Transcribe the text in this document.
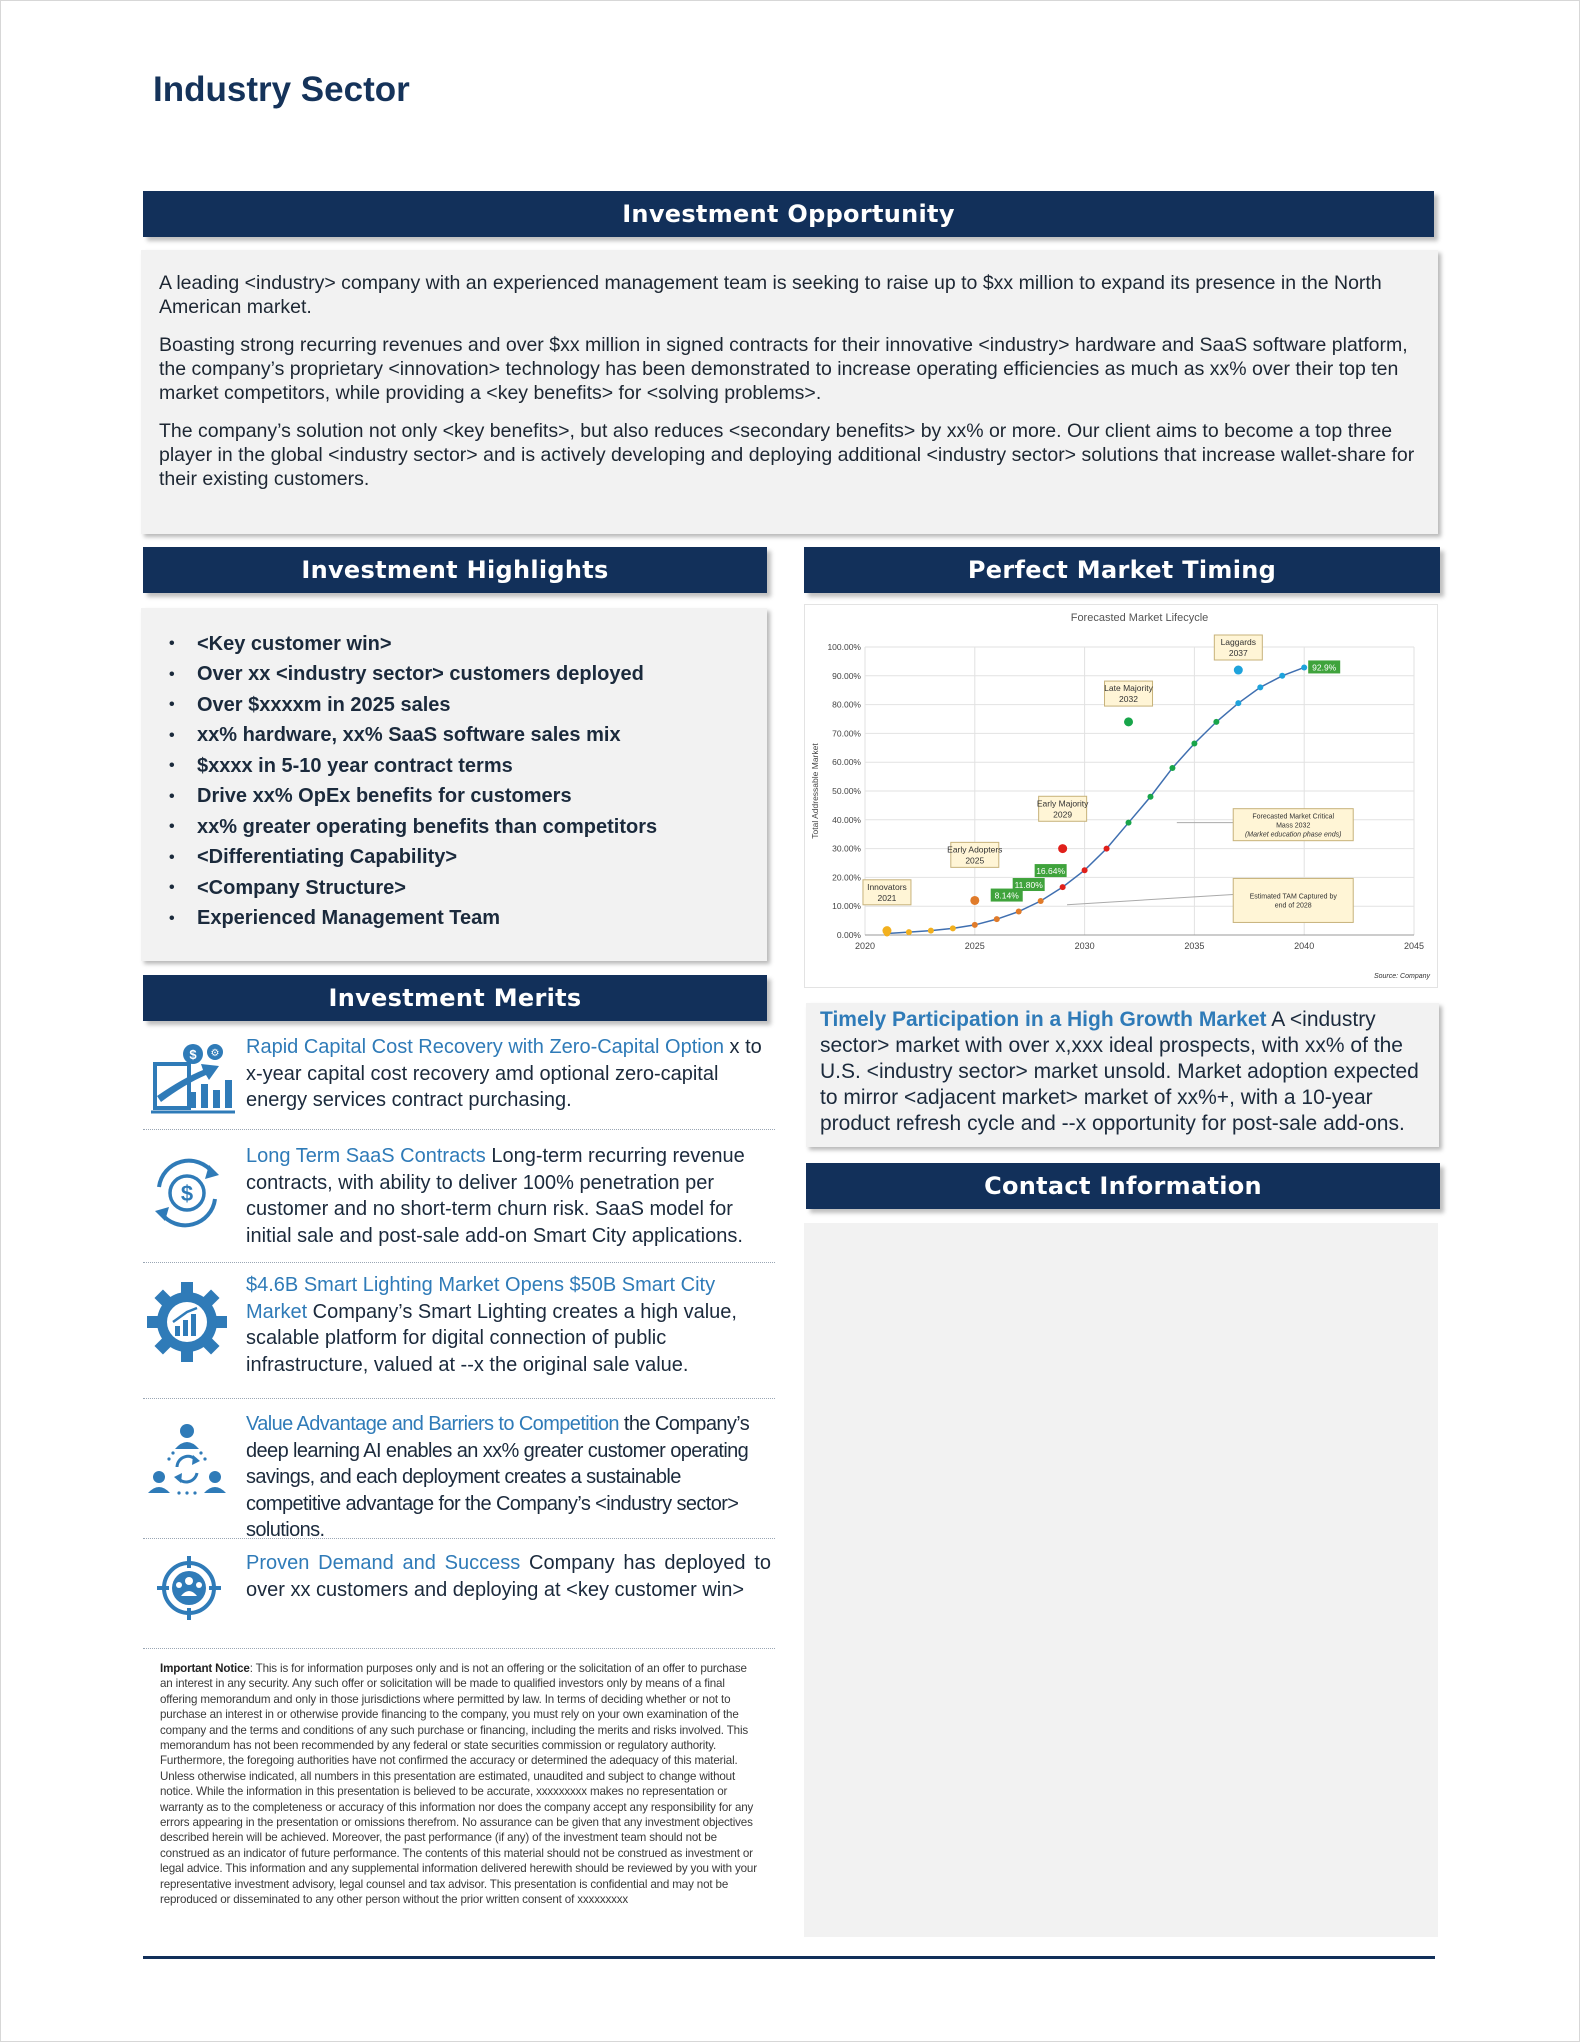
Industry Sector
Investment Opportunity

A leading <industry> company with an experienced management team is seeking to raise up to $xx million to expand its presence in the North American market.

Boasting strong recurring revenues and over $xx million in signed contracts for their innovative <industry> hardware and SaaS software platform, the company’s proprietary <innovation> technology has been demonstrated to increase operating efficiencies as much as xx% over their top ten market competitors, while providing a <key benefits> for <solving problems>.

The company’s solution not only <key benefits>, but also reduces <secondary benefits> by xx% or more. Our client aims to become a top three player in the global <industry sector> and is actively developing and deploying additional <industry sector> solutions that increase wallet-share for their existing customers.

Investment Highlights
•	<Key customer win>
•	Over xx <industry sector> customers deployed
•	Over $xxxxm in 2025 sales
•	xx% hardware, xx% SaaS software sales mix
•	$xxxx in 5-10 year contract terms
•	Drive xx% OpEx benefits for customers
•	xx% greater operating benefits than competitors
•	<Differentiating Capability>
•	<Company Structure>
•	Experienced Management Team
Perfect Market Timing
Forecasted Market Lifecycle
0.00%
10.00%
20.00%
30.00%
40.00%
50.00%
60.00%
70.00%
80.00%
90.00%
100.00%
2020	2025	2030	2035	2040	2045
Total Addressable Market
8.14%
11.80%
16.64%
92.9%
Innovators
2021
Early Adopters
2025
Early Majority
2029
Late Majority
2032
Laggards
2037
Forecasted Market Critical
Mass 2032
(Market education phase ends)
Estimated TAM Captured by
end of 2028
Source: Company
Timely Participation in a High Growth Market A <industry sector> market with over x,xxx ideal prospects, with xx% of the U.S. <industry sector> market unsold. Market adoption expected to mirror <adjacent market> market of xx%+, with a 10-year product refresh cycle and --x opportunity for post-sale add-ons.
Contact Information
Investment Merits
$ ⚙ Rapid Capital Cost Recovery with Zero-Capital Option x to x-year capital cost recovery amd optional zero-capital energy services contract purchasing.
$
Long Term SaaS Contracts Long-term recurring revenue contracts, with ability to deliver 100% penetration per customer and no short-term churn risk. SaaS model for initial sale and post-sale add-on Smart City applications.
$4.6B Smart Lighting Market Opens $50B Smart City Market Company’s Smart Lighting creates a high value, scalable platform for digital connection of public infrastructure, valued at --x the original sale value.
Value Advantage and Barriers to Competition the Company’s deep learning AI enables an xx% greater customer operating savings, and each deployment creates a sustainable competitive advantage for the Company’s <industry sector> solutions.
Proven Demand and Success Company has deployed to over xx customers and deploying at <key customer win>
Important Notice: This is for information purposes only and is not an offering or the solicitation of an offer to purchase an interest in any security. Any such offer or solicitation will be made to qualified investors only by means of a final offering memorandum and only in those jurisdictions where permitted by law. In terms of deciding whether or not to purchase an interest in or otherwise provide financing to the company, you must rely on your own examination of the company and the terms and conditions of any such purchase or financing, including the merits and risks involved. This memorandum has not been recommended by any federal or state securities commission or regulatory authority. Furthermore, the foregoing authorities have not confirmed the accuracy or determined the adequacy of this material. Unless otherwise indicated, all numbers in this presentation are estimated, unaudited and subject to change without notice. While the information in this presentation is believed to be accurate, xxxxxxxxx makes no representation or warranty as to the completeness or accuracy of this information nor does the company accept any responsibility for any errors appearing in the presentation or omissions therefrom. No assurance can be given that any investment objectives described herein will be achieved. Moreover, the past performance (if any) of the investment team should not be construed as an indicator of future performance. The contents of this material should not be construed as investment or legal advice. This information and any supplemental information delivered herewith should be reviewed by you with your representative investment advisory, legal counsel and tax advisor. This presentation is confidential and may not be reproduced or disseminated to any other person without the prior written consent of xxxxxxxxx
